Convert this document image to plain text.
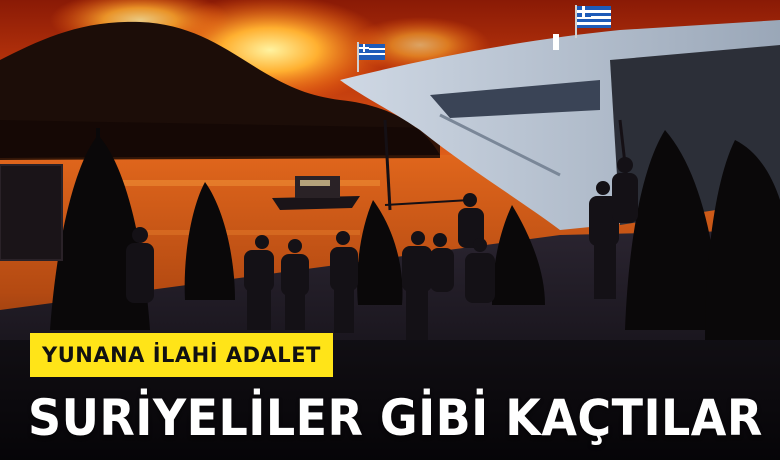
YUNANA İLAHİ ADALET
SURİYELİLER GİBİ KAÇTILAR
